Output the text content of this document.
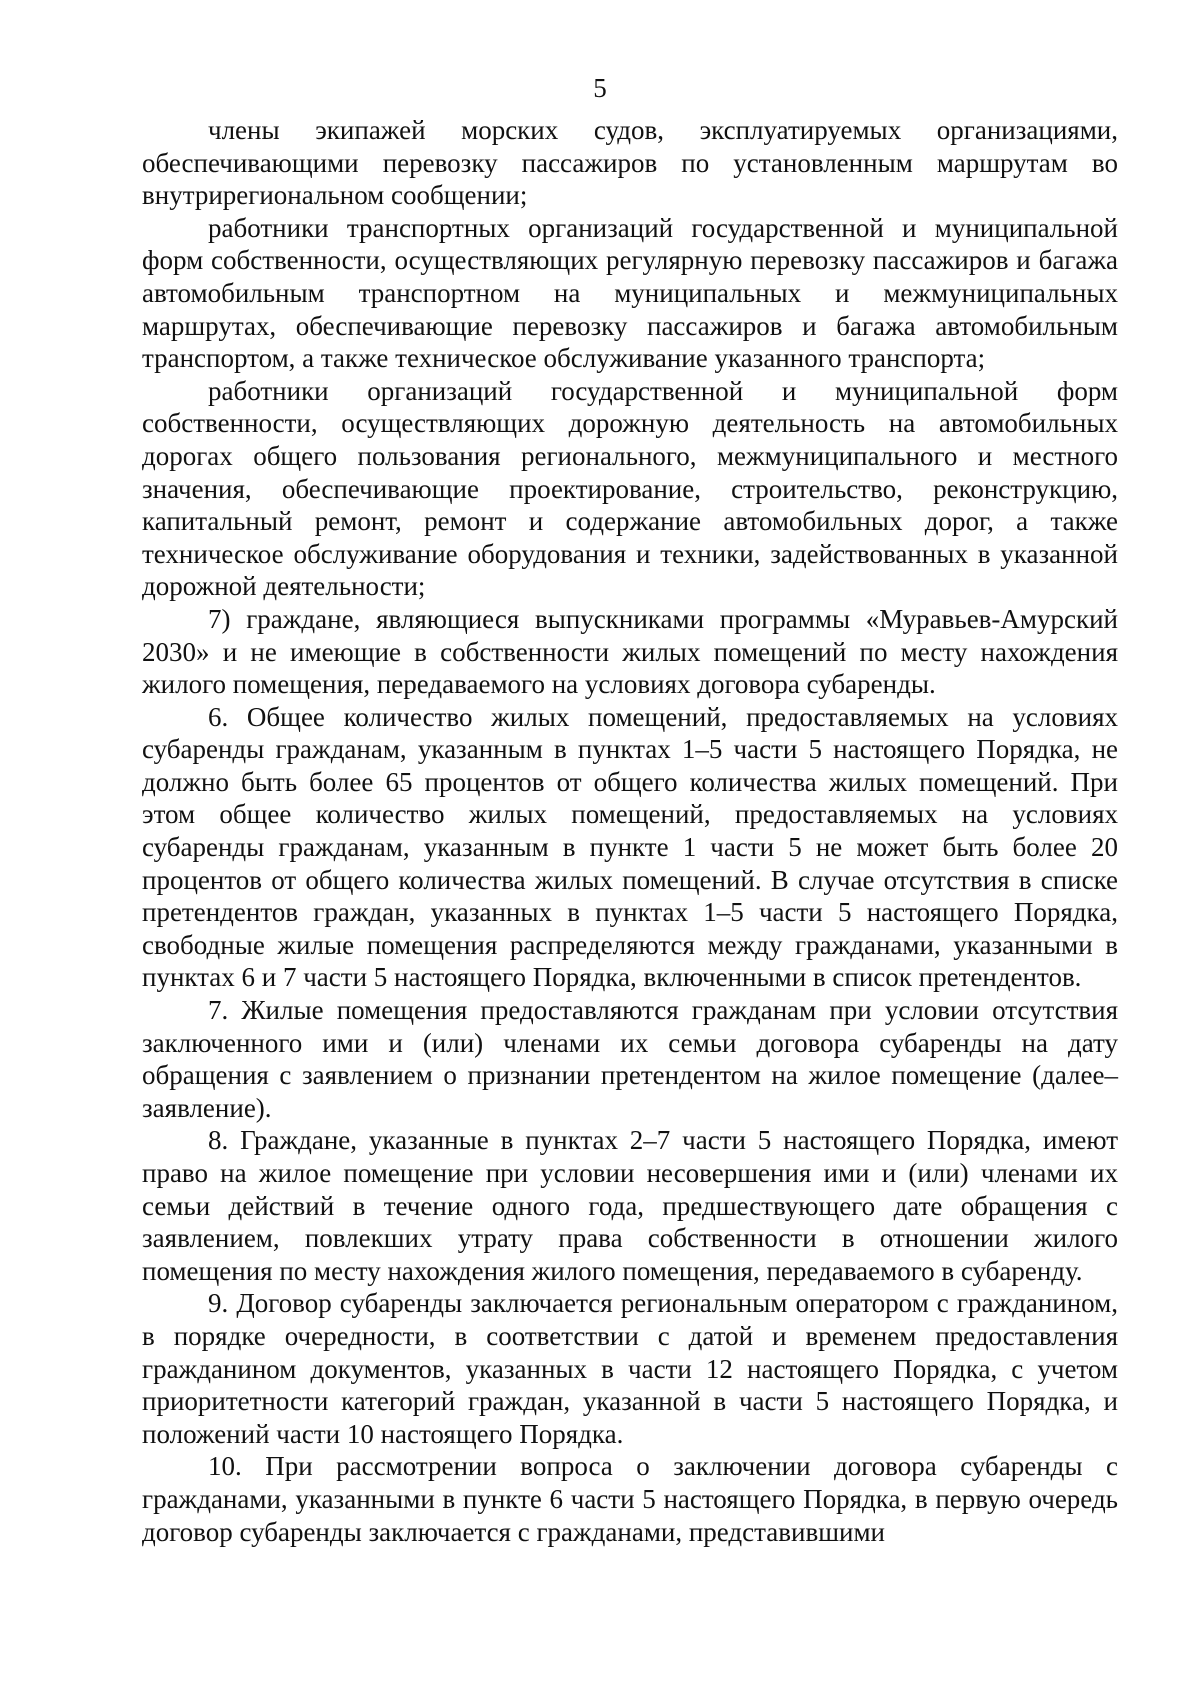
5

члены экипажей морских судов, эксплуатируемых организациями, обеспечивающими перевозку пассажиров по установленным маршрутам во внутрирегиональном сообщении;

работники транспортных организаций государственной и муниципальной форм собственности, осуществляющих регулярную перевозку пассажиров и багажа автомобильным транспортном на муниципальных и межмуниципальных маршрутах, обеспечивающие перевозку пассажиров и багажа автомобильным транспортом, а также техническое обслуживание указанного транспорта;

работники организаций государственной и муниципальной форм собственности, осуществляющих дорожную деятельность на автомобильных дорогах общего пользования регионального, межмуниципального и местного значения, обеспечивающие проектирование, строительство, реконструкцию, капитальный ремонт, ремонт и содержание автомобильных дорог, а также техническое обслуживание оборудования и техники, задействованных в указанной дорожной деятельности;

7) граждане, являющиеся выпускниками программы «Муравьев-Амурский 2030» и не имеющие в собственности жилых помещений по месту нахождения жилого помещения, передаваемого на условиях договора субаренды.

6. Общее количество жилых помещений, предоставляемых на условиях субаренды гражданам, указанным в пунктах 1–5 части 5 настоящего Порядка, не должно быть более 65 процентов от общего количества жилых помещений. При этом общее количество жилых помещений, предоставляемых на условиях субаренды гражданам, указанным в пункте 1 части 5 не может быть более 20 процентов от общего количества жилых помещений. В случае отсутствия в списке претендентов граждан, указанных в пунктах 1–5 части 5 настоящего Порядка, свободные жилые помещения распределяются между гражданами, указанными в пунктах 6 и 7 части 5 настоящего Порядка, включенными в список претендентов.

7. Жилые помещения предоставляются гражданам при условии отсутствия заключенного ими и (или) членами их семьи договора субаренды на дату обращения с заявлением о признании претендентом на жилое помещение (далее– заявление).

8. Граждане, указанные в пунктах 2–7 части 5 настоящего Порядка, имеют право на жилое помещение при условии несовершения ими и (или) членами их семьи действий в течение одного года, предшествующего дате обращения с заявлением, повлекших утрату права собственности в отношении жилого помещения по месту нахождения жилого помещения, передаваемого в субаренду.

9. Договор субаренды заключается региональным оператором с гражданином, в порядке очередности, в соответствии с датой и временем предоставления гражданином документов, указанных в части 12 настоящего Порядка, с учетом приоритетности категорий граждан, указанной в части 5 настоящего Порядка, и положений части 10 настоящего Порядка.

10. При рассмотрении вопроса о заключении договора субаренды с гражданами, указанными в пункте 6 части 5 настоящего Порядка, в первую очередь договор субаренды заключается с гражданами, представившими
